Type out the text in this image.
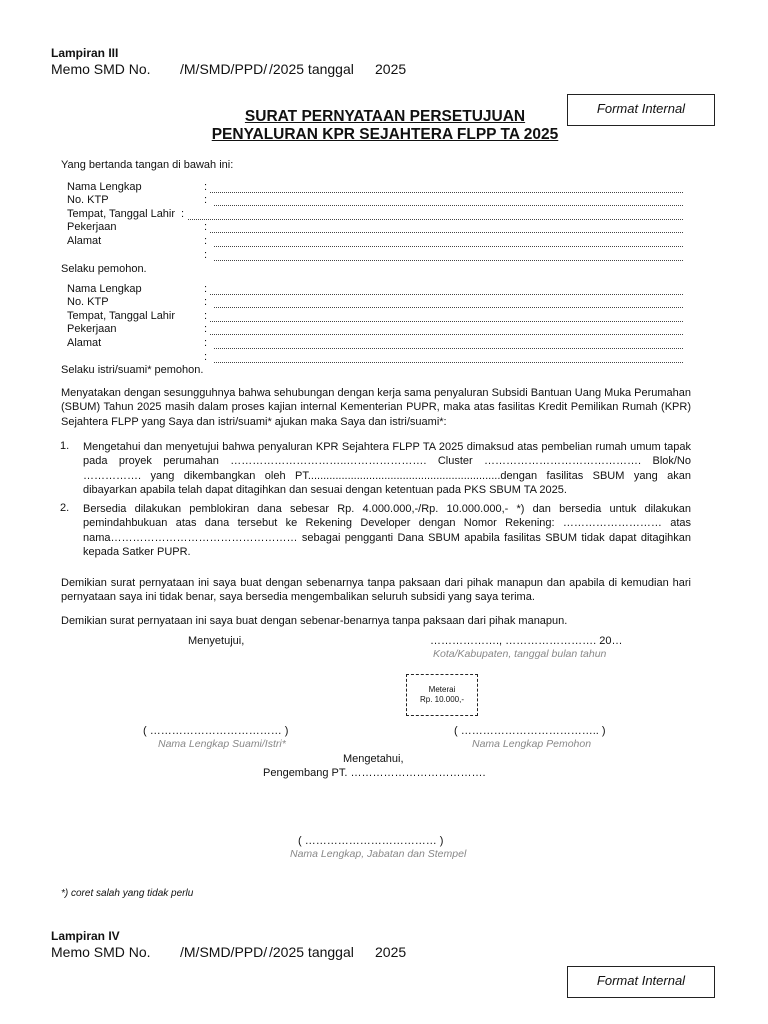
Lampiran III
Memo SMD No. /M/SMD/PPD/ /2025 tanggal 2025
Format Internal
SURAT PERNYATAAN PERSETUJUAN
PENYALURAN KPR SEJAHTERA FLPP TA 2025
Yang bertanda tangan di bawah ini:
Nama Lengkap	:
No. KTP	:
Tempat, Tanggal Lahir :
Pekerjaan	:
Alamat	:
:
Selaku pemohon.
Nama Lengkap	:
No. KTP	:
Tempat, Tanggal Lahir	:
Pekerjaan	:
Alamat	:
:
Selaku istri/suami* pemohon.
Menyatakan dengan sesungguhnya bahwa sehubungan dengan kerja sama penyaluran Subsidi Bantuan Uang Muka Perumahan (SBUM) Tahun 2025 masih dalam proses kajian internal Kementerian PUPR, maka atas fasilitas Kredit Pemilikan Rumah (KPR) Sejahtera FLPP yang Saya dan istri/suami* ajukan maka Saya dan istri/suami*:
1. Mengetahui dan menyetujui bahwa penyaluran KPR Sejahtera FLPP TA 2025 dimaksud atas pembelian rumah umum tapak pada proyek perumahan …………………………..…………………. Cluster ……………………………………. Blok/No ……………. yang dikembangkan oleh PT...............................................................dengan fasilitas SBUM yang akan dibayarkan apabila telah dapat ditagihkan dan sesuai dengan ketentuan pada PKS SBUM TA 2025.
2. Bersedia dilakukan pemblokiran dana sebesar Rp. 4.000.000,-/Rp. 10.000.000,- *) dan bersedia untuk dilakukan pemindahbukuan atas dana tersebut ke Rekening Developer dengan Nomor Rekening: ……………………… atas nama…………………………………………… sebagai pengganti Dana SBUM apabila fasilitas SBUM tidak dapat ditagihkan kepada Satker PUPR.
Demikian surat pernyataan ini saya buat dengan sebenarnya tanpa paksaan dari pihak manapun dan apabila di kemudian hari pernyataan saya ini tidak benar, saya bersedia mengembalikan seluruh subsidi yang saya terima.
Demikian surat pernyataan ini saya buat dengan sebenar-benarnya tanpa paksaan dari pihak manapun.
Menyetujui,	………………., ……………………. 20…
Kota/Kabupaten, tanggal bulan tahun
Meterai
Rp. 10.000,-
( ……………………………… )
Nama Lengkap Suami/Istri*
( ……………………………….. )
Nama Lengkap Pemohon
Mengetahui,
Pengembang PT. ……………………………….
( ……………………………… )
Nama Lengkap, Jabatan dan Stempel
*) coret salah yang tidak perlu
Lampiran IV
Memo SMD No. /M/SMD/PPD/ /2025 tanggal 2025
Format Internal
